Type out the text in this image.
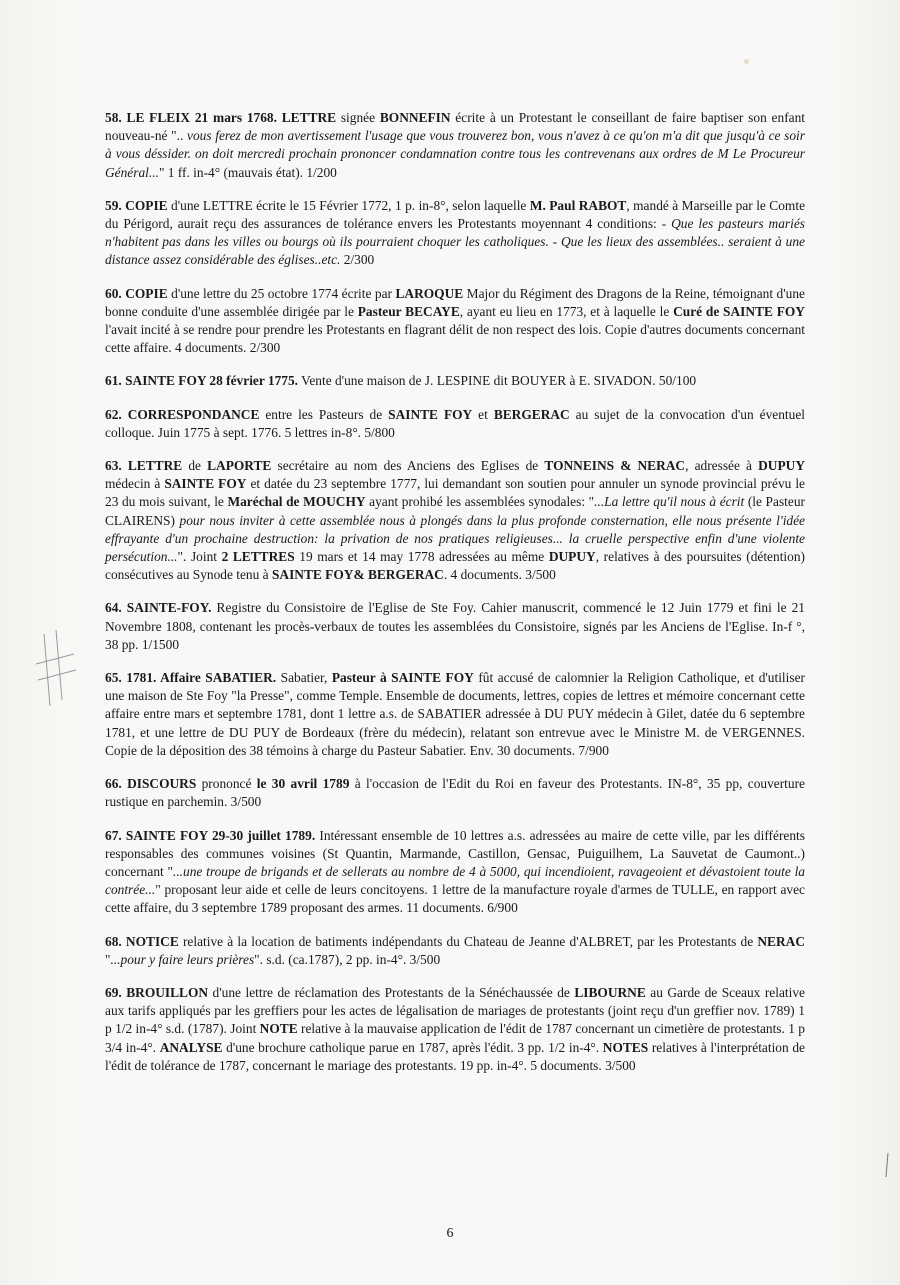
58. LE FLEIX 21 mars 1768. LETTRE signée BONNEFIN écrite à un Protestant le conseillant de faire baptiser son enfant nouveau-né ".. vous ferez de mon avertissement l'usage que vous trouverez bon, vous n'avez à ce qu'on m'a dit que jusqu'à ce soir à vous déssider. on doit mercredi prochain prononcer condamnation contre tous les contrevenans aux ordres de M Le Procureur Général..." 1 ff. in-4° (mauvais état). 1/200

59. COPIE d'une LETTRE écrite le 15 Février 1772, 1 p. in-8°, selon laquelle M. Paul RABOT, mandé à Marseille par le Comte du Périgord, aurait reçu des assurances de tolérance envers les Protestants moyennant 4 conditions: - Que les pasteurs mariés n'habitent pas dans les villes ou bourgs où ils pourraient choquer les catholiques. - Que les lieux des assemblées.. seraient à une distance assez considérable des églises..etc. 2/300

60. COPIE d'une lettre du 25 octobre 1774 écrite par LAROQUE Major du Régiment des Dragons de la Reine, témoignant d'une bonne conduite d'une assemblée dirigée par le Pasteur BECAYE, ayant eu lieu en 1773, et à laquelle le Curé de SAINTE FOY l'avait incité à se rendre pour prendre les Protestants en flagrant délit de non respect des lois. Copie d'autres documents concernant cette affaire. 4 documents. 2/300

61. SAINTE FOY 28 février 1775. Vente d'une maison de J. LESPINE dit BOUYER à E. SIVADON. 50/100

62. CORRESPONDANCE entre les Pasteurs de SAINTE FOY et BERGERAC au sujet de la convocation d'un éventuel colloque. Juin 1775 à sept. 1776. 5 lettres in-8°. 5/800

63. LETTRE de LAPORTE secrétaire au nom des Anciens des Eglises de TONNEINS & NERAC, adressée à DUPUY médecin à SAINTE FOY et datée du 23 septembre 1777, lui demandant son soutien pour annuler un synode provincial prévu le 23 du mois suivant, le Maréchal de MOUCHY ayant prohibé les assemblées synodales: "...La lettre qu'il nous à écrit (le Pasteur CLAIRENS) pour nous inviter à cette assemblée nous à plongés dans la plus profonde consternation, elle nous présente l'idée effrayante d'un prochaine destruction: la privation de nos pratiques religieuses... la cruelle perspective enfin d'une violente persécution...". Joint 2 LETTRES 19 mars et 14 may 1778 adressées au même DUPUY, relatives à des poursuites (détention) consécutives au Synode tenu à SAINTE FOY& BERGERAC. 4 documents. 3/500

64. SAINTE-FOY. Registre du Consistoire de l'Eglise de Ste Foy. Cahier manuscrit, commencé le 12 Juin 1779 et fini le 21 Novembre 1808, contenant les procès-verbaux de toutes les assemblées du Consistoire, signés par les Anciens de l'Eglise. In-f °, 38 pp. 1/1500

65. 1781. Affaire SABATIER. Sabatier, Pasteur à SAINTE FOY fût accusé de calomnier la Religion Catholique, et d'utiliser une maison de Ste Foy "la Presse", comme Temple. Ensemble de documents, lettres, copies de lettres et mémoire concernant cette affaire entre mars et septembre 1781, dont 1 lettre a.s. de SABATIER adressée à DU PUY médecin à Gilet, datée du 6 septembre 1781, et une lettre de DU PUY de Bordeaux (frère du médecin), relatant son entrevue avec le Ministre M. de VERGENNES. Copie de la déposition des 38 témoins à charge du Pasteur Sabatier. Env. 30 documents. 7/900

66. DISCOURS prononcé le 30 avril 1789 à l'occasion de l'Edit du Roi en faveur des Protestants. IN-8°, 35 pp, couverture rustique en parchemin. 3/500

67. SAINTE FOY 29-30 juillet 1789. Intéressant ensemble de 10 lettres a.s. adressées au maire de cette ville, par les différents responsables des communes voisines (St Quantin, Marmande, Castillon, Gensac, Puiguilhem, La Sauvetat de Caumont..) concernant "...une troupe de brigands et de sellerats au nombre de 4 à 5000, qui incendioient, ravageoient et dévastoient toute la contrée..." proposant leur aide et celle de leurs concitoyens. 1 lettre de la manufacture royale d'armes de TULLE, en rapport avec cette affaire, du 3 septembre 1789 proposant des armes. 11 documents. 6/900

68. NOTICE relative à la location de batiments indépendants du Chateau de Jeanne d'ALBRET, par les Protestants de NERAC "...pour y faire leurs prières". s.d. (ca.1787), 2 pp. in-4°. 3/500

69. BROUILLON d'une lettre de réclamation des Protestants de la Sénéchaussée de LIBOURNE au Garde de Sceaux relative aux tarifs appliqués par les greffiers pour les actes de légalisation de mariages de protestants (joint reçu d'un greffier nov. 1789) 1 p 1/2 in-4° s.d. (1787). Joint NOTE relative à la mauvaise application de l'édit de 1787 concernant un cimetière de protestants. 1 p 3/4 in-4°. ANALYSE d'une brochure catholique parue en 1787, après l'édit. 3 pp. 1/2 in-4°. NOTES relatives à l'interprétation de l'édit de tolérance de 1787, concernant le mariage des protestants. 19 pp. in-4°. 5 documents. 3/500

6
